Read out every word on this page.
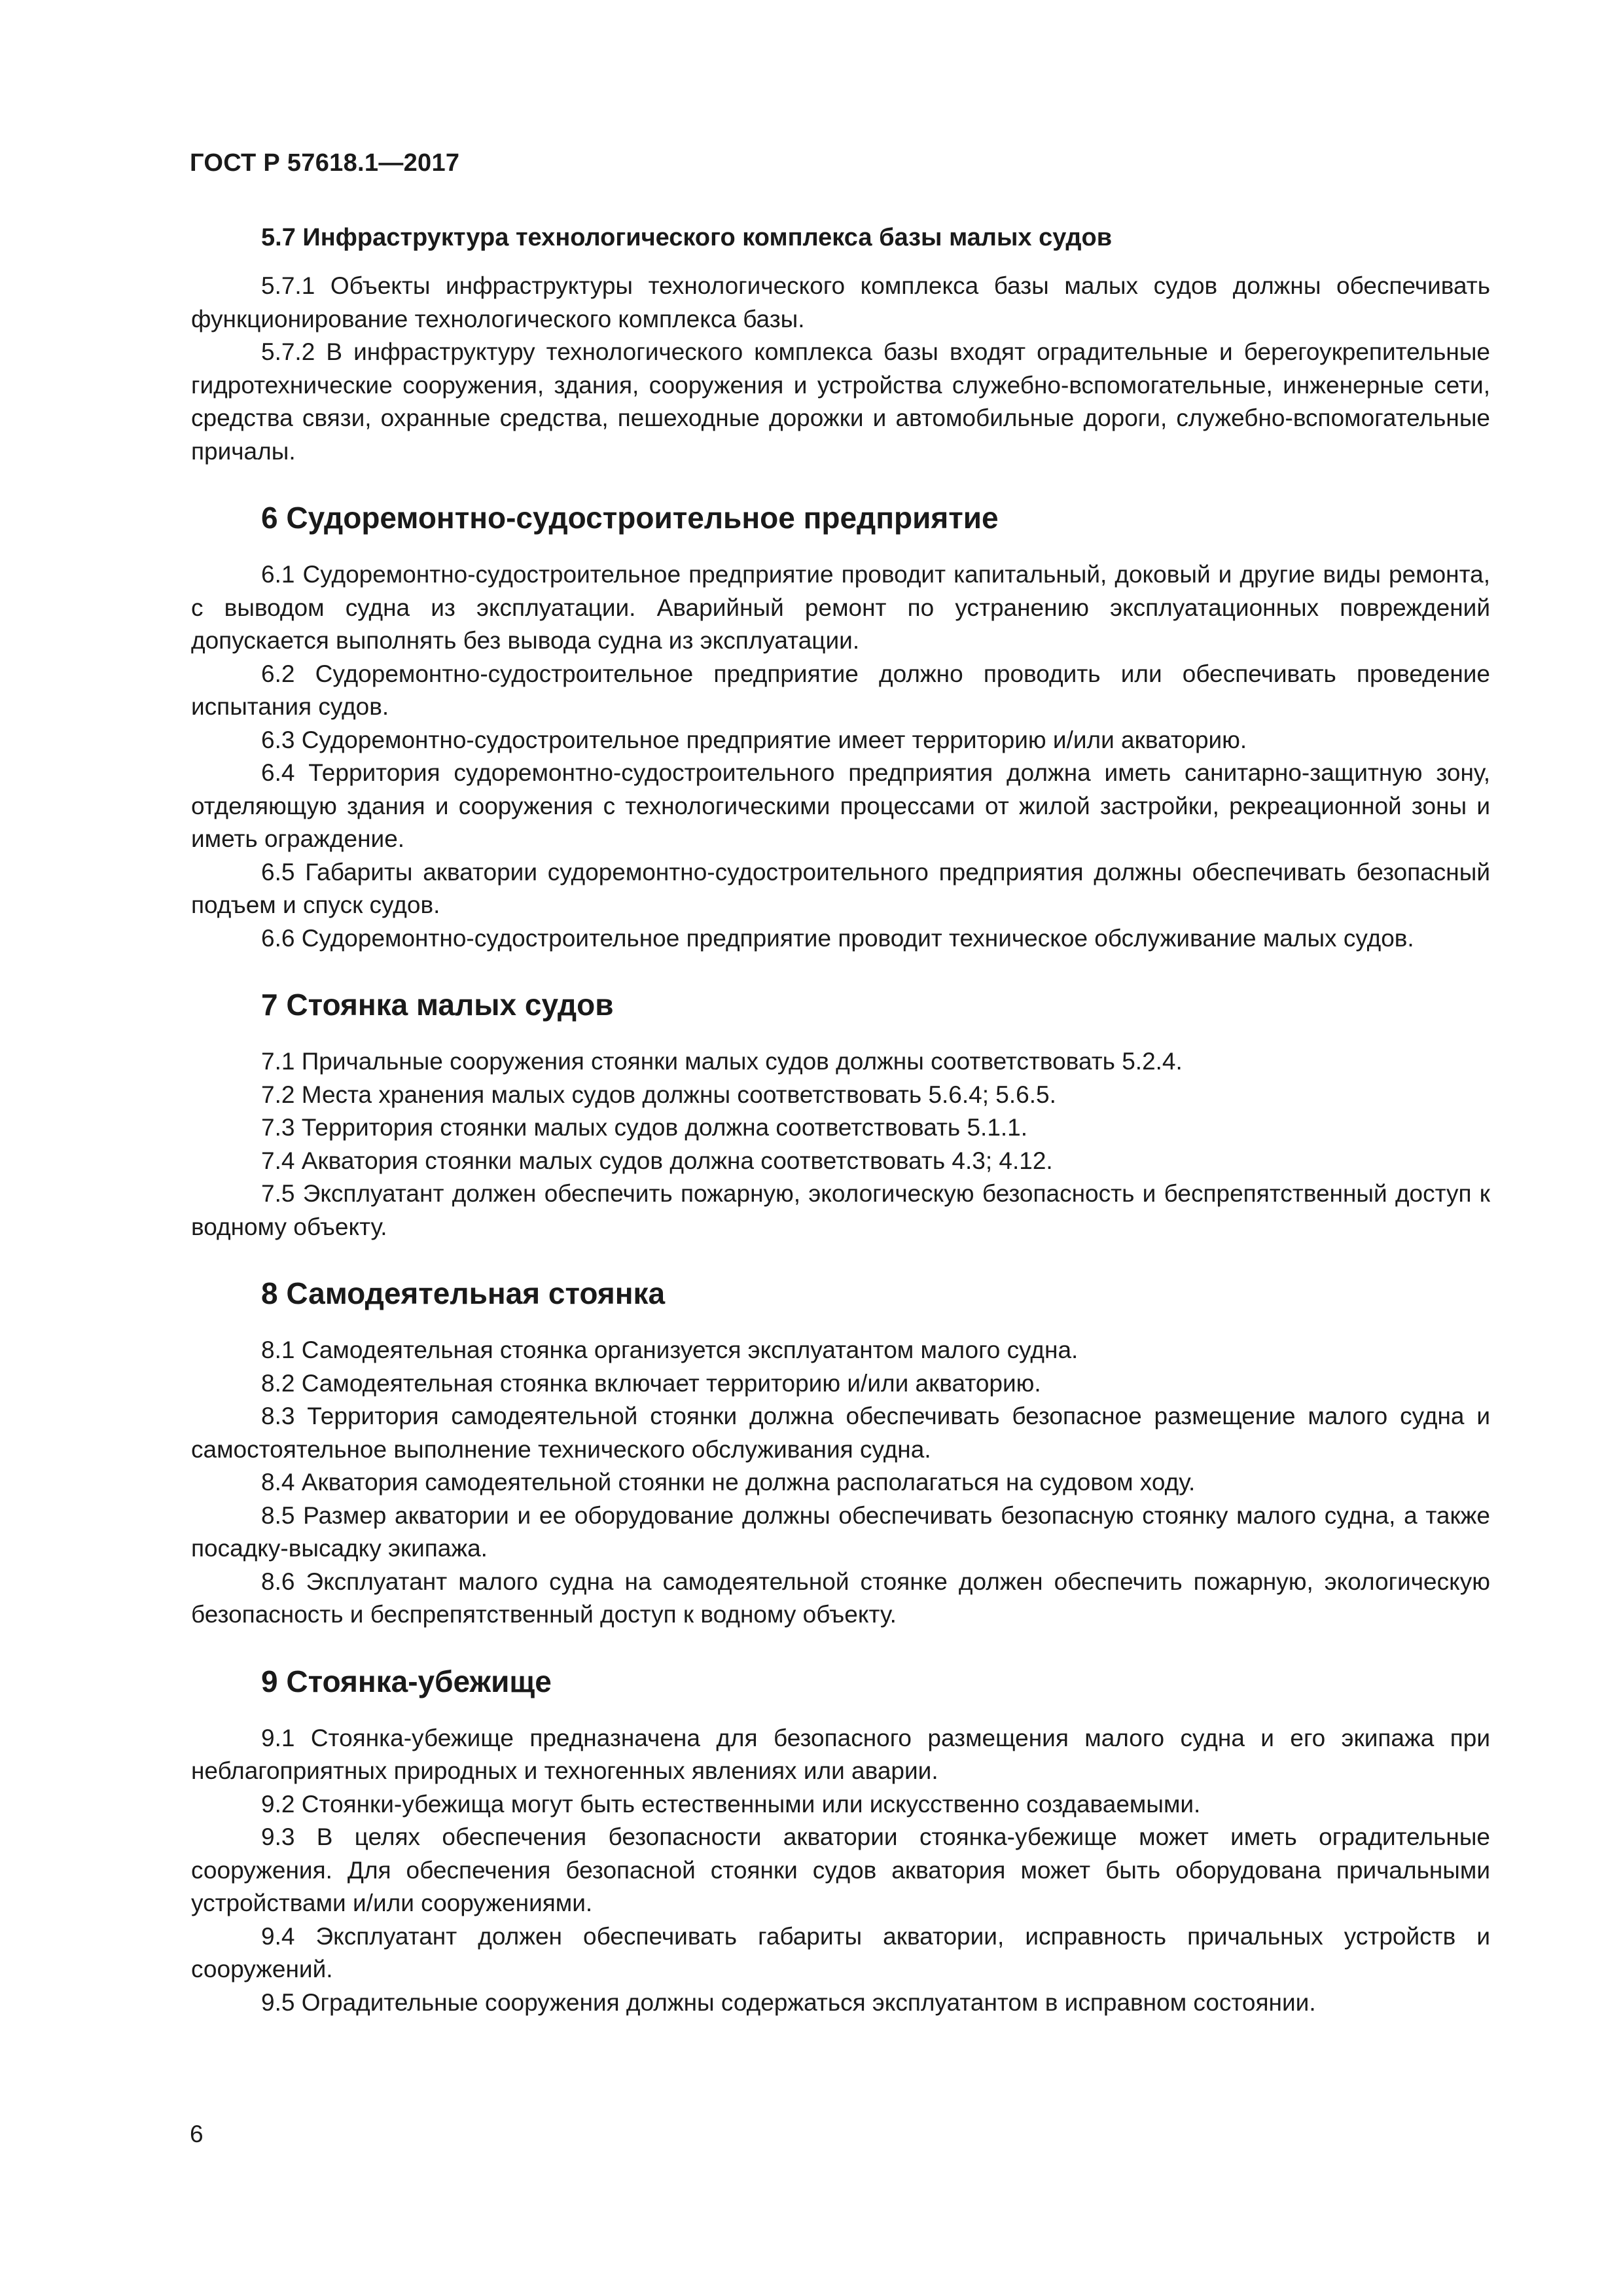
ГОСТ Р 57618.1—2017
5.7 Инфраструктура технологического комплекса базы малых судов

5.7.1 Объекты инфраструктуры технологического комплекса базы малых судов должны обеспечивать функционирование технологического комплекса базы.

5.7.2 В инфраструктуру технологического комплекса базы входят оградительные и берегоукрепительные гидротехнические сооружения, здания, сооружения и устройства служебно-вспомогательные, инженерные сети, средства связи, охранные средства, пешеходные дорожки и автомобильные дороги, служебно-вспомогательные причалы.

6 Судоремонтно-судостроительное предприятие

6.1 Судоремонтно-судостроительное предприятие проводит капитальный, доковый и другие виды ремонта, с выводом судна из эксплуатации. Аварийный ремонт по устранению эксплуатационных повреждений допускается выполнять без вывода судна из эксплуатации.

6.2 Судоремонтно-судостроительное предприятие должно проводить или обеспечивать проведение испытания судов.

6.3 Судоремонтно-судостроительное предприятие имеет территорию и/или акваторию.

6.4 Территория судоремонтно-судостроительного предприятия должна иметь санитарно-защитную зону, отделяющую здания и сооружения с технологическими процессами от жилой застройки, рекреационной зоны и иметь ограждение.

6.5 Габариты акватории судоремонтно-судостроительного предприятия должны обеспечивать безопасный подъем и спуск судов.

6.6 Судоремонтно-судостроительное предприятие проводит техническое обслуживание малых судов.

7 Стоянка малых судов

7.1 Причальные сооружения стоянки малых судов должны соответствовать 5.2.4.

7.2 Места хранения малых судов должны соответствовать 5.6.4; 5.6.5.

7.3 Территория стоянки малых судов должна соответствовать 5.1.1.

7.4 Акватория стоянки малых судов должна соответствовать 4.3; 4.12.

7.5 Эксплуатант должен обеспечить пожарную, экологическую безопасность и беспрепятственный доступ к водному объекту.

8 Самодеятельная стоянка

8.1 Самодеятельная стоянка организуется эксплуатантом малого судна.

8.2 Самодеятельная стоянка включает территорию и/или акваторию.

8.3 Территория самодеятельной стоянки должна обеспечивать безопасное размещение малого судна и самостоятельное выполнение технического обслуживания судна.

8.4 Акватория самодеятельной стоянки не должна располагаться на судовом ходу.

8.5 Размер акватории и ее оборудование должны обеспечивать безопасную стоянку малого судна, а также посадку-высадку экипажа.

8.6 Эксплуатант малого судна на самодеятельной стоянке должен обеспечить пожарную, экологическую безопасность и беспрепятственный доступ к водному объекту.

9 Стоянка-убежище

9.1 Стоянка-убежище предназначена для безопасного размещения малого судна и его экипажа при неблагоприятных природных и техногенных явлениях или аварии.

9.2 Стоянки-убежища могут быть естественными или искусственно создаваемыми.

9.3 В целях обеспечения безопасности акватории стоянка-убежище может иметь оградительные сооружения. Для обеспечения безопасной стоянки судов акватория может быть оборудована причальными устройствами и/или сооружениями.

9.4 Эксплуатант должен обеспечивать габариты акватории, исправность причальных устройств и сооружений.

9.5 Оградительные сооружения должны содержаться эксплуатантом в исправном состоянии.

6
